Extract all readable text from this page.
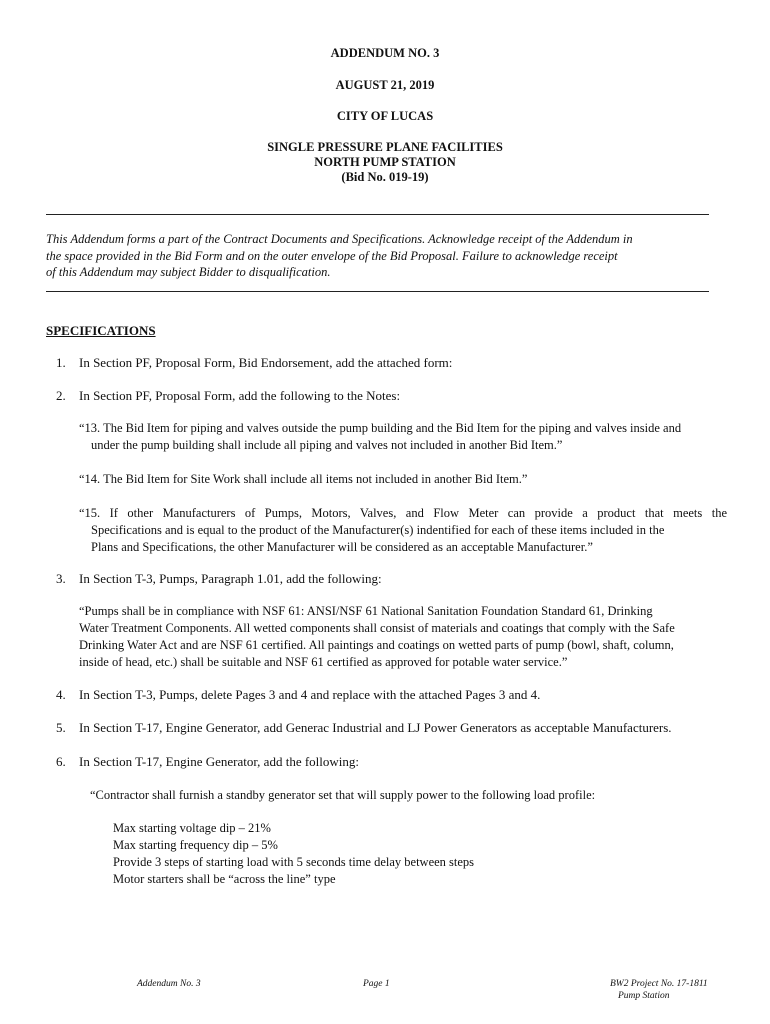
ADDENDUM NO. 3
AUGUST 21, 2019
CITY OF LUCAS
SINGLE PRESSURE PLANE FACILITIES
NORTH PUMP STATION
(Bid No. 019-19)
This Addendum forms a part of the Contract Documents and Specifications. Acknowledge receipt of the Addendum in
the space provided in the Bid Form and on the outer envelope of the Bid Proposal. Failure to acknowledge receipt
of this Addendum may subject Bidder to disqualification.
SPECIFICATIONS
1. In Section PF, Proposal Form, Bid Endorsement, add the attached form:
2. In Section PF, Proposal Form, add the following to the Notes:
“13. The Bid Item for piping and valves outside the pump building and the Bid Item for the piping and valves inside and
under the pump building shall include all piping and valves not included in another Bid Item.”
“14. The Bid Item for Site Work shall include all items not included in another Bid Item.”
“15. If other Manufacturers of Pumps, Motors, Valves, and Flow Meter can provide a product that meets the
Specifications and is equal to the product of the Manufacturer(s) indentified for each of these items included in the
Plans and Specifications, the other Manufacturer will be considered as an acceptable Manufacturer.”
3. In Section T-3, Pumps, Paragraph 1.01, add the following:
“Pumps shall be in compliance with NSF 61: ANSI/NSF 61 National Sanitation Foundation Standard 61, Drinking
Water Treatment Components. All wetted components shall consist of materials and coatings that comply with the Safe
Drinking Water Act and are NSF 61 certified. All paintings and coatings on wetted parts of pump (bowl, shaft, column,
inside of head, etc.) shall be suitable and NSF 61 certified as approved for potable water service.”
4. In Section T-3, Pumps, delete Pages 3 and 4 and replace with the attached Pages 3 and 4.
5. In Section T-17, Engine Generator, add Generac Industrial and LJ Power Generators as acceptable Manufacturers.
6. In Section T-17, Engine Generator, add the following:
“Contractor shall furnish a standby generator set that will supply power to the following load profile:
Max starting voltage dip – 21%
Max starting frequency dip – 5%
Provide 3 steps of starting load with 5 seconds time delay between steps
Motor starters shall be “across the line” type
Addendum No. 3	Page 1	BW2 Project No. 17-1811
Pump Station
